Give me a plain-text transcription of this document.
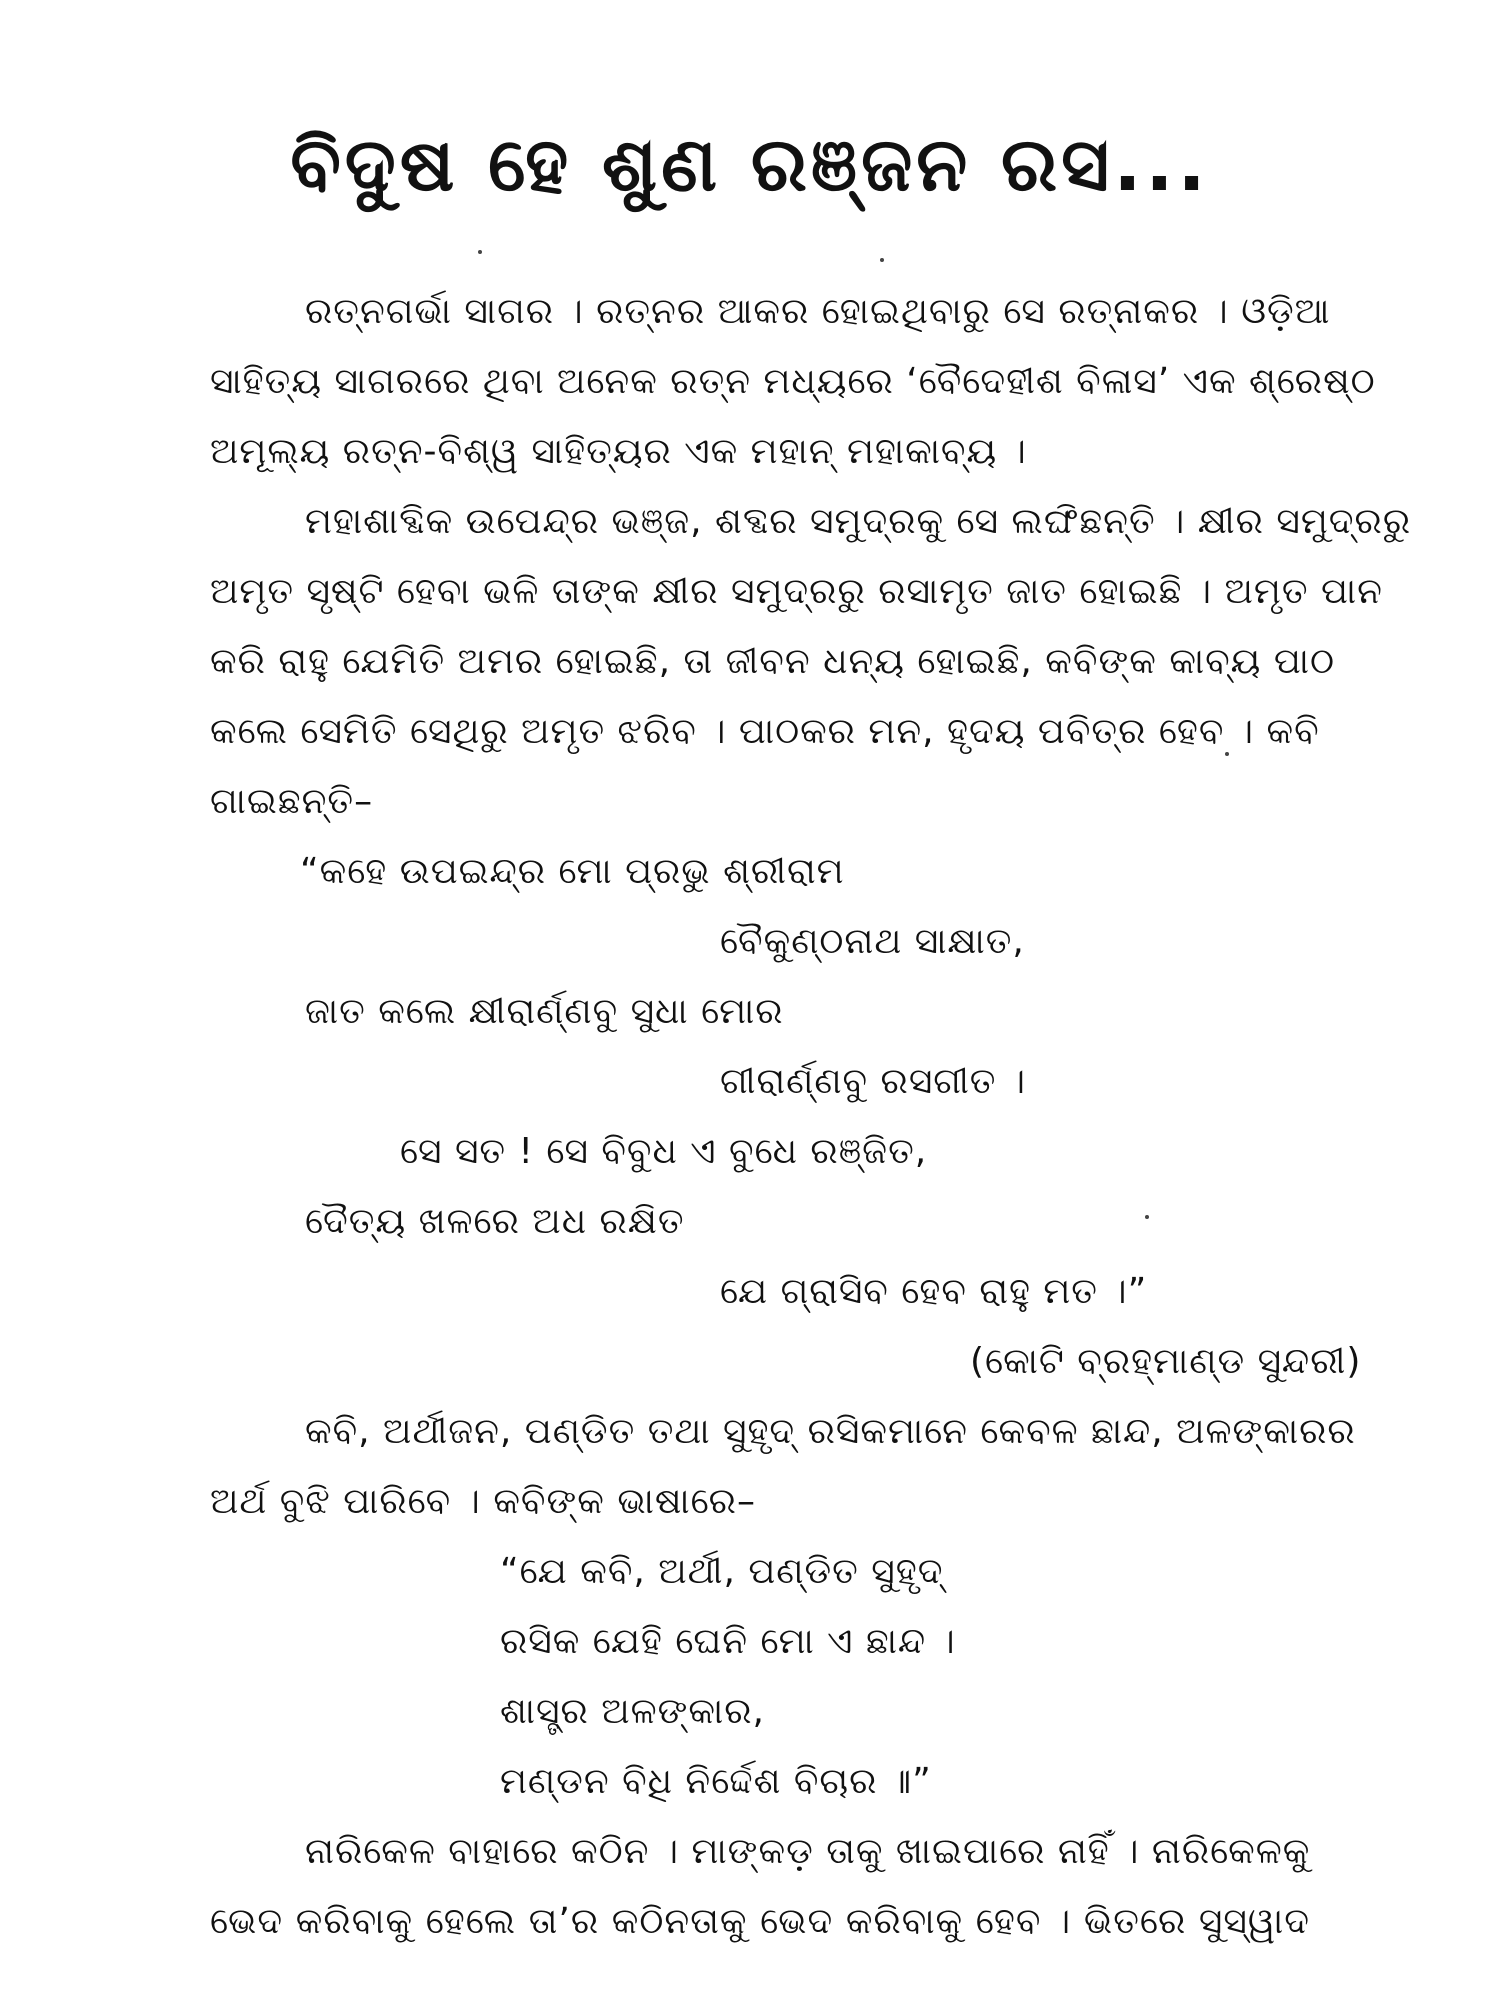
ବିଦୁଷ ହେ ଶୁଣ ରଞ୍ଜନ ରସ...
ରତ୍ନଗର୍ଭା ସାଗର । ରତ୍ନର ଆକର ହୋଇଥିବାରୁ ସେ ରତ୍ନାକର । ଓଡ଼ିଆ
ସାହିତ୍ୟ ସାଗରରେ ଥିବା ଅନେକ ରତ୍ନ ମଧ୍ୟରେ ‘ବୈଦେହୀଶ ବିଳାସ’ ଏକ ଶ୍ରେଷ୍ଠ
ଅମୂଲ୍ୟ ରତ୍ନ-ବିଶ୍ୱ ସାହିତ୍ୟର ଏକ ମହାନ୍ ମହାକାବ୍ୟ ।
ମହାଶାବ୍ଦିକ ଉପେନ୍ଦ୍ର ଭଞ୍ଜ, ଶବ୍ଦର ସମୁଦ୍ରକୁ ସେ ଲଙ୍ଘିଛନ୍ତି । କ୍ଷୀର ସମୁଦ୍ରରୁ
ଅମୃତ ସୃଷ୍ଟି ହେବା ଭଳି ତାଙ୍କ କ୍ଷୀର ସମୁଦ୍ରରୁ ରସାମୃତ ଜାତ ହୋଇଛି । ଅମୃତ ପାନ
କରି ରାହୁ ଯେମିତି ଅମର ହୋଇଛି, ତା ଜୀବନ ଧନ୍ୟ ହୋଇଛି, କବିଙ୍କ କାବ୍ୟ ପାଠ
କଲେ ସେମିତି ସେଥିରୁ ଅମୃତ ଝରିବ । ପାଠକର ମନ, ହୃଦୟ ପବିତ୍ର ହେବ । କବି
ଗାଇଛନ୍ତି–
“କହେ ଉପଇନ୍ଦ୍ର ମୋ ପ୍ରଭୁ ଶ୍ରୀରାମ
ବୈକୁଣ୍ଠନାଥ ସାକ୍ଷାତ,
ଜାତ କଲେ କ୍ଷୀରାର୍ଣ୍ଣବୁ ସୁଧା ମୋର
ଗୀରାର୍ଣ୍ଣବୁ ରସଗୀତ ।
ସେ ସତ ! ସେ ବିବୁଧ ଏ ବୁଧେ ରଞ୍ଜିତ,
ଦୈତ୍ୟ ଖଳରେ ଅଧ ରକ୍ଷିତ
ଯେ ଗ୍ରାସିବ ହେବ ରାହୁ ମତ ।”
(କୋଟି ବ୍ରହ୍ମାଣ୍ଡ ସୁନ୍ଦରୀ)
କବି, ଅର୍ଥୀଜନ, ପଣ୍ଡିତ ତଥା ସୁହୃଦ୍ ରସିକମାନେ କେବଳ ଛାନ୍ଦ, ଅଳଙ୍କାରର
ଅର୍ଥ ବୁଝି ପାରିବେ । କବିଙ୍କ ଭାଷାରେ–
“ଯେ କବି, ଅର୍ଥୀ, ପଣ୍ଡିତ ସୁହୃଦ୍
ରସିକ ଯେହି ଘେନି ମୋ ଏ ଛାନ୍ଦ ।
ଶାସ୍ତ୍ର ଅଳଙ୍କାର,
ମଣ୍ଡନ ବିଧି ନିର୍ଦ୍ଦେଶ ବିଚାର ॥”
ନାରିକେଳ ବାହାରେ କଠିନ । ମାଙ୍କଡ଼ ତାକୁ ଖାଇପାରେ ନାହିଁ । ନାରିକେଳକୁ
ଭେଦ କରିବାକୁ ହେଲେ ତା’ର କଠିନତାକୁ ଭେଦ କରିବାକୁ ହେବ । ଭିତରେ ସୁସ୍ୱାଦ
